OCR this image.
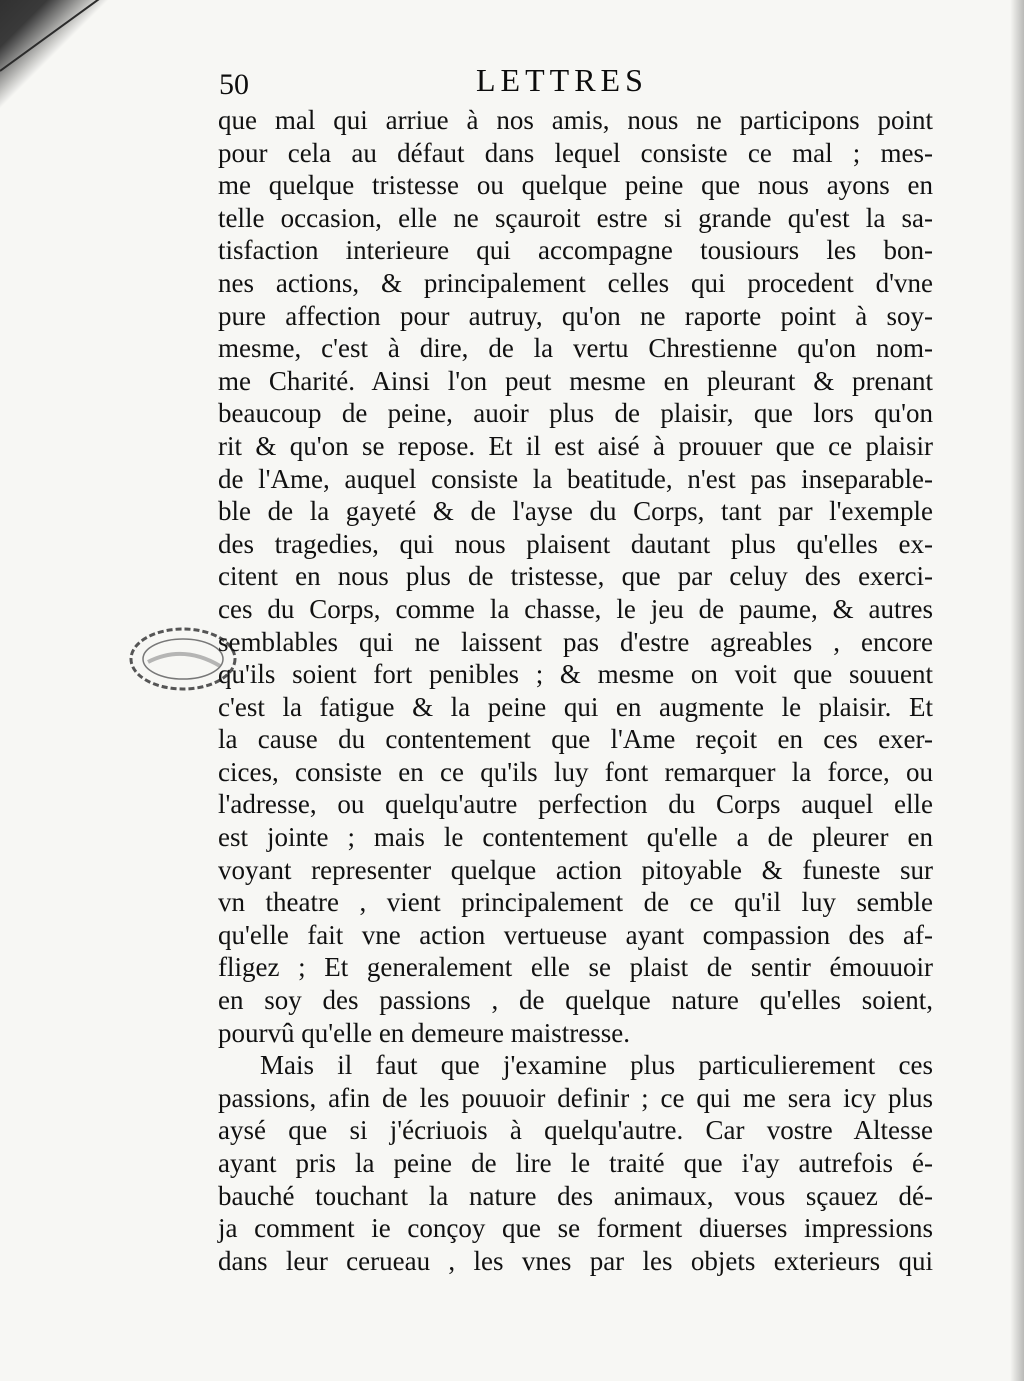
50	LETTRES
que mal qui arriue à nos amis, nous ne participons point
pour cela au défaut dans lequel consiste ce mal ; mes-
me quelque tristesse ou quelque peine que nous ayons en
telle occasion, elle ne sçauroit estre si grande qu'est la sa-
tisfaction interieure qui accompagne tousiours les bon-
nes actions, & principalement celles qui procedent d'vne
pure affection pour autruy, qu'on ne raporte point à soy-
mesme, c'est à dire, de la vertu Chrestienne qu'on nom-
me Charité. Ainsi l'on peut mesme en pleurant & prenant
beaucoup de peine, auoir plus de plaisir, que lors qu'on
rit & qu'on se repose. Et il est aisé à prouuer que ce plaisir
de l'Ame, auquel consiste la beatitude, n'est pas inseparable-
ble de la gayeté & de l'ayse du Corps, tant par l'exemple
des tragedies, qui nous plaisent dautant plus qu'elles ex-
citent en nous plus de tristesse, que par celuy des exerci-
ces du Corps, comme la chasse, le jeu de paume, & autres
semblables qui ne laissent pas d'estre agreables , encore
qu'ils soient fort penibles ; & mesme on voit que souuent
c'est la fatigue & la peine qui en augmente le plaisir. Et
la cause du contentement que l'Ame reçoit en ces exer-
cices, consiste en ce qu'ils luy font remarquer la force, ou
l'adresse, ou quelqu'autre perfection du Corps auquel elle
est jointe ; mais le contentement qu'elle a de pleurer en
voyant representer quelque action pitoyable & funeste sur
vn theatre , vient principalement de ce qu'il luy semble
qu'elle fait vne action vertueuse ayant compassion des af-
fligez ; Et generalement elle se plaist de sentir émouuoir
en soy des passions , de quelque nature qu'elles soient,
pourvû qu'elle en demeure maistresse.
Mais il faut que j'examine plus particulierement ces
passions, afin de les pouuoir definir ; ce qui me sera icy plus
aysé que si j'écriuois à quelqu'autre. Car vostre Altesse
ayant pris la peine de lire le traité que i'ay autrefois é-
bauché touchant la nature des animaux, vous sçauez dé-
ja comment ie conçoy que se forment diuerses impressions
dans leur cerueau , les vnes par les objets exterieurs qui
